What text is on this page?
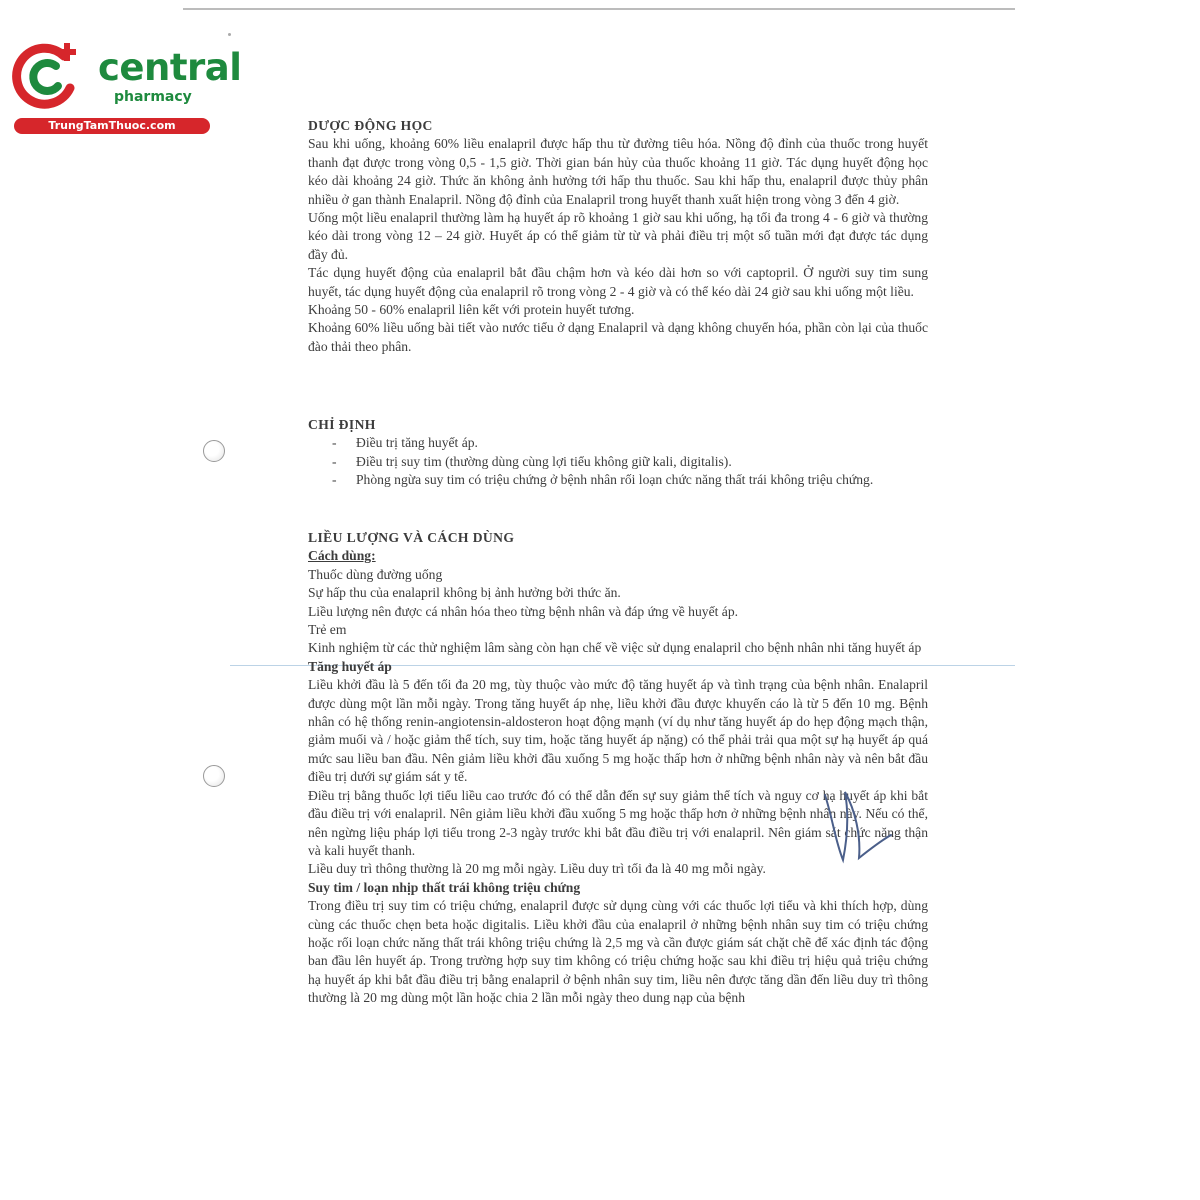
central
pharmacy
TrungTamThuoc.com	DƯỢC ĐỘNG HỌC

Sau khi uống, khoảng 60% liều enalapril được hấp thu từ đường tiêu hóa. Nồng độ đỉnh của thuốc trong huyết thanh đạt được trong vòng 0,5 - 1,5 giờ. Thời gian bán hủy của thuốc khoảng 11 giờ. Tác dụng huyết động học kéo dài khoảng 24 giờ. Thức ăn không ảnh hưởng tới hấp thu thuốc. Sau khi hấp thu, enalapril được thủy phân nhiều ở gan thành Enalapril. Nồng độ đỉnh của Enalapril trong huyết thanh xuất hiện trong vòng 3 đến 4 giờ.

Uống một liều enalapril thường làm hạ huyết áp rõ khoảng 1 giờ sau khi uống, hạ tối đa trong 4 - 6 giờ và thường kéo dài trong vòng 12 – 24 giờ. Huyết áp có thể giảm từ từ và phải điều trị một số tuần mới đạt được tác dụng đầy đủ.

Tác dụng huyết động của enalapril bắt đầu chậm hơn và kéo dài hơn so với captopril. Ở người suy tim sung huyết, tác dụng huyết động của enalapril rõ trong vòng 2 - 4 giờ và có thể kéo dài 24 giờ sau khi uống một liều.

Khoảng 50 - 60% enalapril liên kết với protein huyết tương.

Khoảng 60% liều uống bài tiết vào nước tiểu ở dạng Enalapril và dạng không chuyển hóa, phần còn lại của thuốc đào thải theo phân.

CHỈ ĐỊNH

- Điều trị tăng huyết áp.

- Điều trị suy tim (thường dùng cùng lợi tiểu không giữ kali, digitalis).

- Phòng ngừa suy tim có triệu chứng ở bệnh nhân rối loạn chức năng thất trái không triệu chứng.

LIỀU LƯỢNG VÀ CÁCH DÙNG

Cách dùng:

Thuốc dùng đường uống

Sự hấp thu của enalapril không bị ảnh hưởng bởi thức ăn.

Liều lượng nên được cá nhân hóa theo từng bệnh nhân và đáp ứng về huyết áp.

Trẻ em

Kinh nghiệm từ các thử nghiệm lâm sàng còn hạn chế về việc sử dụng enalapril cho bệnh nhân nhi tăng huyết áp

Tăng huyết áp

Liều khởi đầu là 5 đến tối đa 20 mg, tùy thuộc vào mức độ tăng huyết áp và tình trạng của bệnh nhân. Enalapril được dùng một lần mỗi ngày. Trong tăng huyết áp nhẹ, liều khởi đầu được khuyến cáo là từ 5 đến 10 mg. Bệnh nhân có hệ thống renin-angiotensin-aldosteron hoạt động mạnh (ví dụ như tăng huyết áp do hẹp động mạch thận, giảm muối và / hoặc giảm thể tích, suy tim, hoặc tăng huyết áp nặng) có thể phải trải qua một sự hạ huyết áp quá mức sau liều ban đầu. Nên giảm liều khởi đầu xuống 5 mg hoặc thấp hơn ở những bệnh nhân này và nên bắt đầu điều trị dưới sự giám sát y tế.

Điều trị bằng thuốc lợi tiểu liều cao trước đó có thể dẫn đến sự suy giảm thể tích và nguy cơ hạ huyết áp khi bắt đầu điều trị với enalapril. Nên giảm liều khởi đầu xuống 5 mg hoặc thấp hơn ở những bệnh nhân này. Nếu có thể, nên ngừng liệu pháp lợi tiểu trong 2-3 ngày trước khi bắt đầu điều trị với enalapril. Nên giám sát chức năng thận và kali huyết thanh.

Liều duy trì thông thường là 20 mg mỗi ngày. Liều duy trì tối đa là 40 mg mỗi ngày.

Suy tim / loạn nhịp thất trái không triệu chứng

Trong điều trị suy tim có triệu chứng, enalapril được sử dụng cùng với các thuốc lợi tiểu và khi thích hợp, dùng cùng các thuốc chẹn beta hoặc digitalis. Liều khởi đầu của enalapril ở những bệnh nhân suy tim có triệu chứng hoặc rối loạn chức năng thất trái không triệu chứng là 2,5 mg và cần được giám sát chặt chẽ để xác định tác động ban đầu lên huyết áp. Trong trường hợp suy tim không có triệu chứng hoặc sau khi điều trị hiệu quả triệu chứng hạ huyết áp khi bắt đầu điều trị bằng enalapril ở bệnh nhân suy tim, liều nên được tăng dần đến liều duy trì thông thường là 20 mg dùng một lần hoặc chia 2 lần mỗi ngày theo dung nạp của bệnh
